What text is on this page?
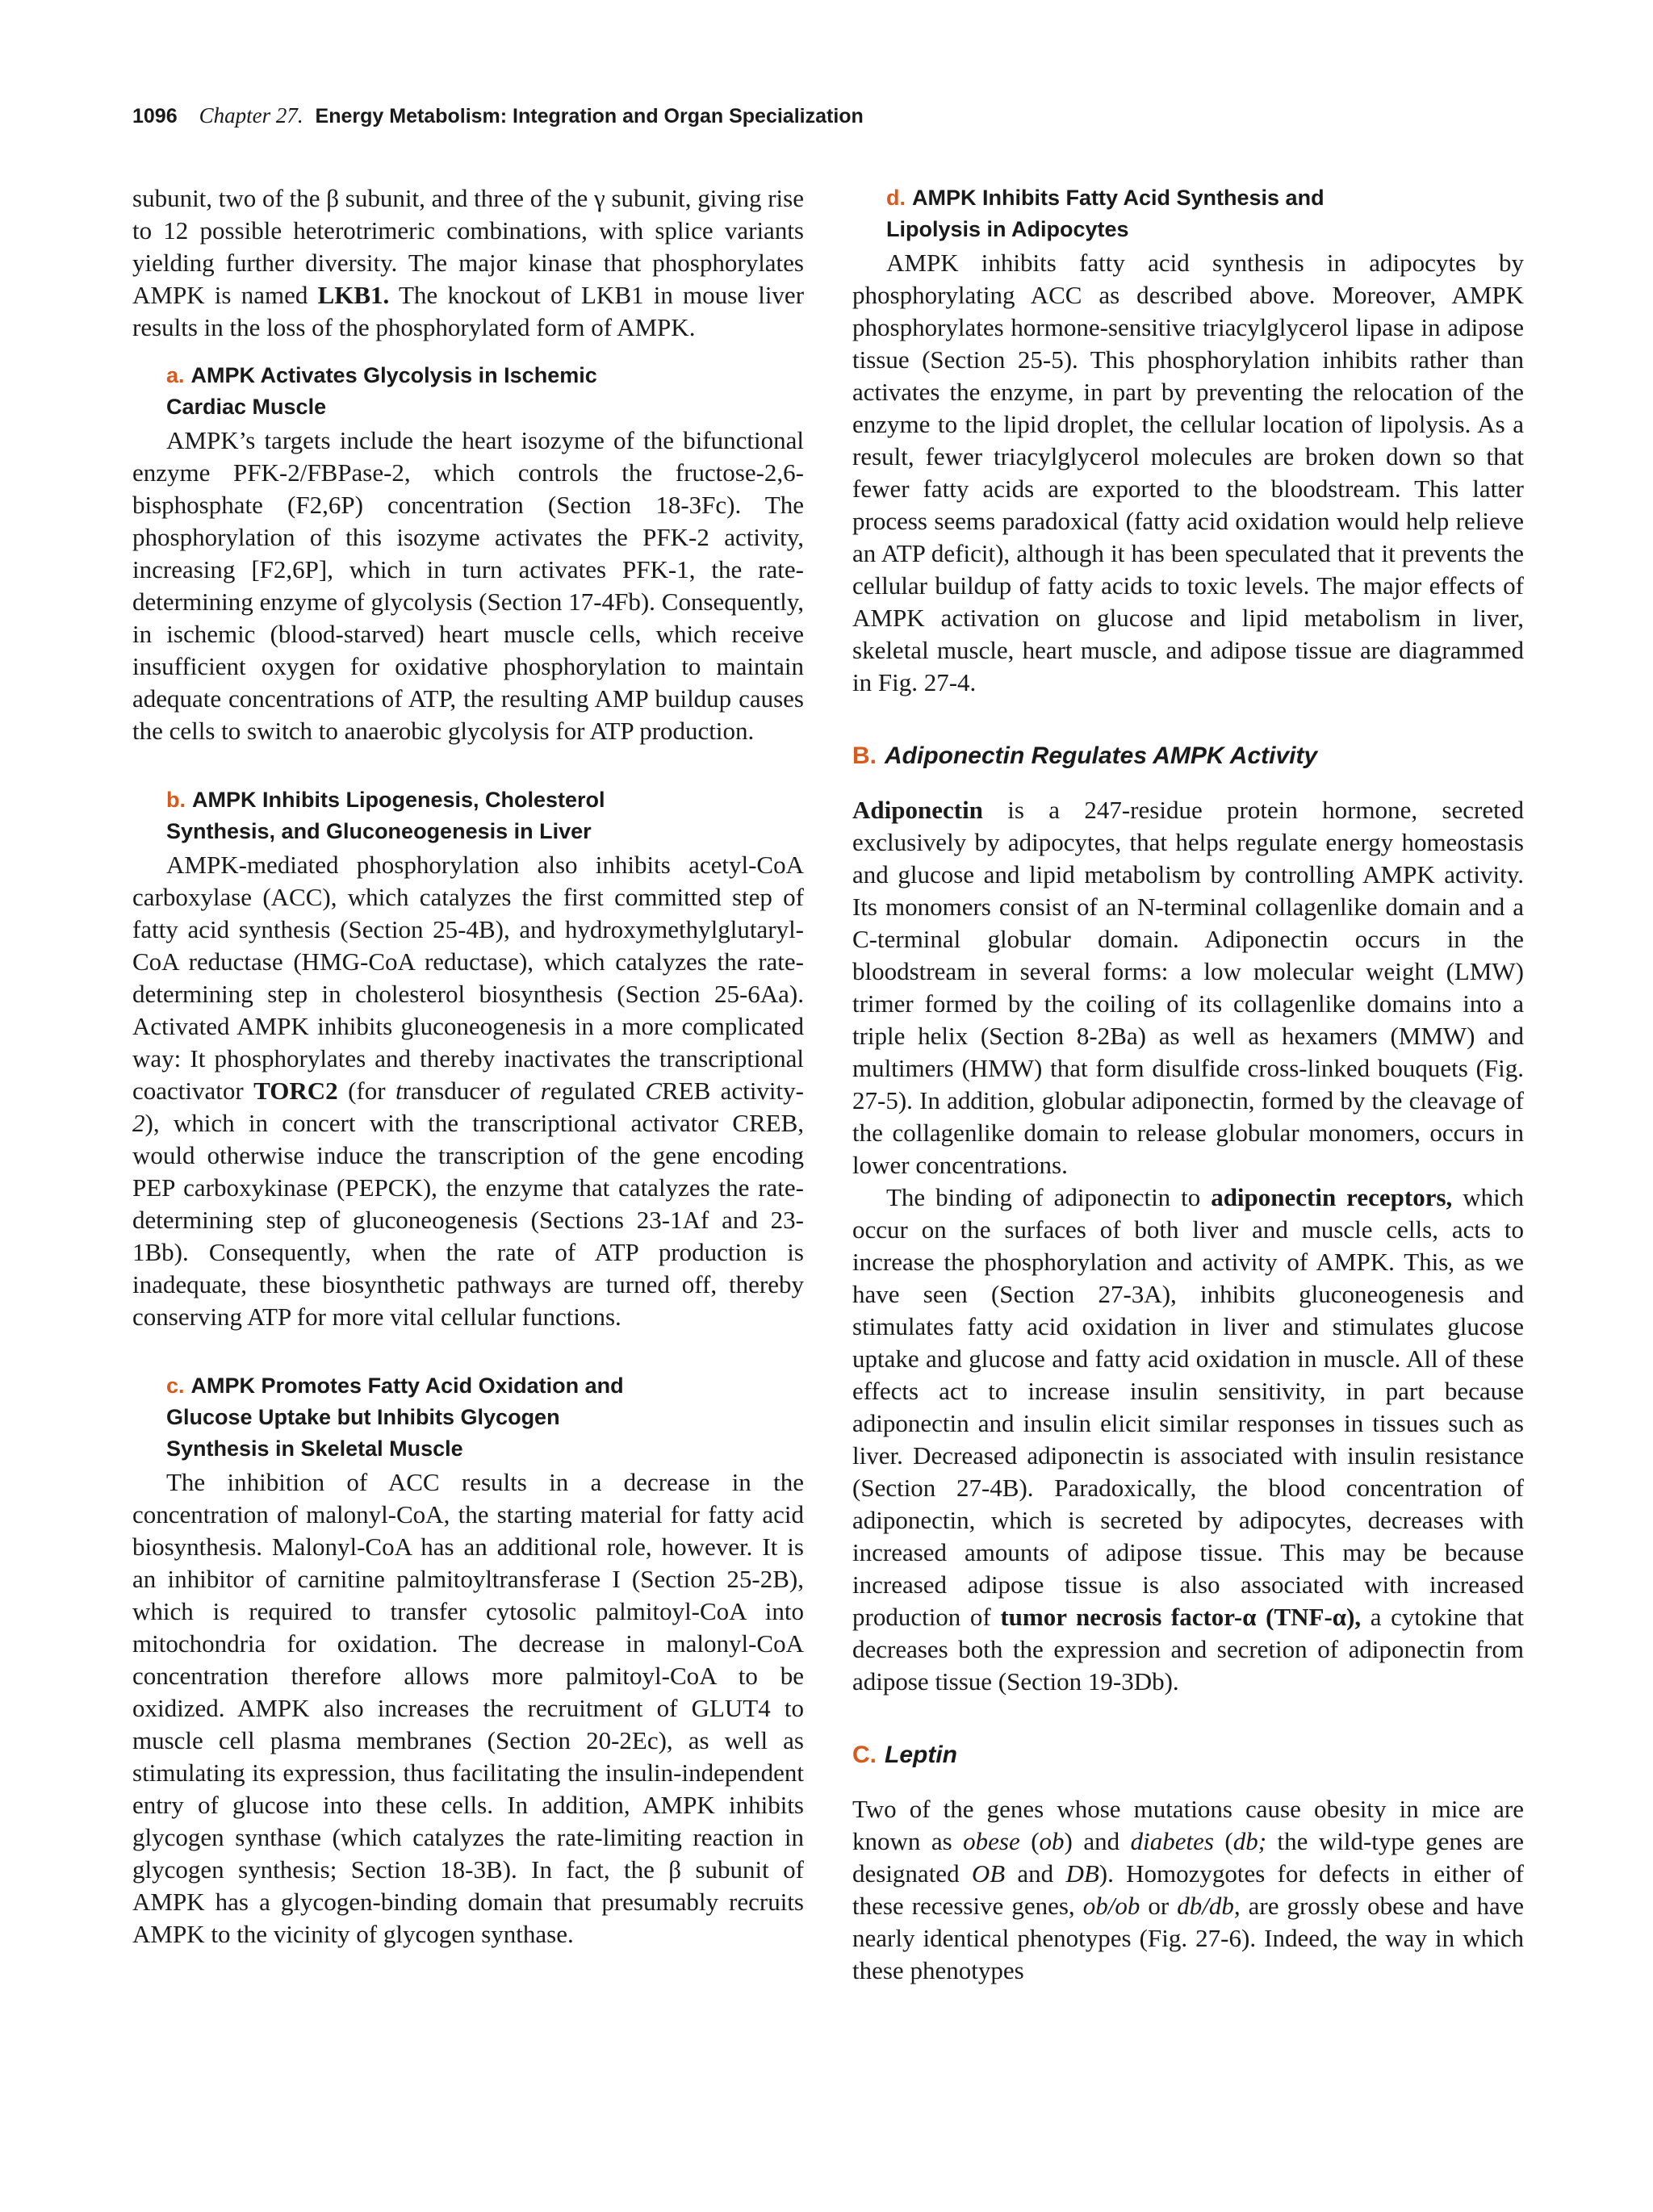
1096 Chapter 27. Energy Metabolism: Integration and Organ Specialization

subunit, two of the β subunit, and three of the γ subunit, giving rise to 12 possible heterotrimeric combinations, with splice variants yielding further diversity. The major kinase that phosphorylates AMPK is named LKB1. The knockout of LKB1 in mouse liver results in the loss of the phosphorylated form of AMPK.

a. AMPK Activates Glycolysis in Ischemic
Cardiac Muscle

AMPK’s targets include the heart isozyme of the bifunctional enzyme PFK-2/FBPase-2, which controls the fructose-2,6-bisphosphate (F2,6P) concentration (Section 18-3Fc). The phosphorylation of this isozyme activates the PFK-2 activity, increasing [F2,6P], which in turn activates PFK-1, the rate-determining enzyme of glycolysis (Section 17-4Fb). Consequently, in ischemic (blood-starved) heart muscle cells, which receive insufficient oxygen for oxidative phosphorylation to maintain adequate concentrations of ATP, the resulting AMP buildup causes the cells to switch to anaerobic glycolysis for ATP production.

b. AMPK Inhibits Lipogenesis, Cholesterol
Synthesis, and Gluconeogenesis in Liver

AMPK-mediated phosphorylation also inhibits acetyl-CoA carboxylase (ACC), which catalyzes the first committed step of fatty acid synthesis (Section 25-4B), and hydroxymethylglutaryl-CoA reductase (HMG-CoA reductase), which catalyzes the rate-determining step in cholesterol biosynthesis (Section 25-6Aa). Activated AMPK inhibits gluconeogenesis in a more complicated way: It phosphorylates and thereby inactivates the transcriptional coactivator TORC2 (for transducer of regulated CREB activity-2), which in concert with the transcriptional activator CREB, would otherwise induce the transcription of the gene encoding PEP carboxykinase (PEPCK), the enzyme that catalyzes the rate-determining step of gluconeogenesis (Sections 23-1Af and 23-1Bb). Consequently, when the rate of ATP production is inadequate, these biosynthetic pathways are turned off, thereby conserving ATP for more vital cellular functions.

c. AMPK Promotes Fatty Acid Oxidation and
Glucose Uptake but Inhibits Glycogen
Synthesis in Skeletal Muscle

The inhibition of ACC results in a decrease in the concentration of malonyl-CoA, the starting material for fatty acid biosynthesis. Malonyl-CoA has an additional role, however. It is an inhibitor of carnitine palmitoyltransferase I (Section 25-2B), which is required to transfer cytosolic palmitoyl-CoA into mitochondria for oxidation. The decrease in malonyl-CoA concentration therefore allows more palmitoyl-CoA to be oxidized. AMPK also increases the recruitment of GLUT4 to muscle cell plasma membranes (Section 20-2Ec), as well as stimulating its expression, thus facilitating the insulin-independent entry of glucose into these cells. In addition, AMPK inhibits glycogen synthase (which catalyzes the rate-limiting reaction in glycogen synthesis; Section 18-3B). In fact, the β subunit of AMPK has a glycogen-binding domain that presumably recruits AMPK to the vicinity of glycogen synthase.

d. AMPK Inhibits Fatty Acid Synthesis and
Lipolysis in Adipocytes

AMPK inhibits fatty acid synthesis in adipocytes by phosphorylating ACC as described above. Moreover, AMPK phosphorylates hormone-sensitive triacylglycerol lipase in adipose tissue (Section 25-5). This phosphorylation inhibits rather than activates the enzyme, in part by preventing the relocation of the enzyme to the lipid droplet, the cellular location of lipolysis. As a result, fewer triacylglycerol molecules are broken down so that fewer fatty acids are exported to the bloodstream. This latter process seems paradoxical (fatty acid oxidation would help relieve an ATP deficit), although it has been speculated that it prevents the cellular buildup of fatty acids to toxic levels. The major effects of AMPK activation on glucose and lipid metabolism in liver, skeletal muscle, heart muscle, and adipose tissue are diagrammed in Fig. 27-4.

B. Adiponectin Regulates AMPK Activity

Adiponectin is a 247-residue protein hormone, secreted exclusively by adipocytes, that helps regulate energy homeostasis and glucose and lipid metabolism by controlling AMPK activity. Its monomers consist of an N-terminal collagenlike domain and a C-terminal globular domain. Adiponectin occurs in the bloodstream in several forms: a low molecular weight (LMW) trimer formed by the coiling of its collagenlike domains into a triple helix (Section 8-2Ba) as well as hexamers (MMW) and multimers (HMW) that form disulfide cross-linked bouquets (Fig. 27-5). In addition, globular adiponectin, formed by the cleavage of the collagenlike domain to release globular monomers, occurs in lower concentrations.

The binding of adiponectin to adiponectin receptors, which occur on the surfaces of both liver and muscle cells, acts to increase the phosphorylation and activity of AMPK. This, as we have seen (Section 27-3A), inhibits gluconeogenesis and stimulates fatty acid oxidation in liver and stimulates glucose uptake and glucose and fatty acid oxidation in muscle. All of these effects act to increase insulin sensitivity, in part because adiponectin and insulin elicit similar responses in tissues such as liver. Decreased adiponectin is associated with insulin resistance (Section 27-4B). Paradoxically, the blood concentration of adiponectin, which is secreted by adipocytes, decreases with increased amounts of adipose tissue. This may be because increased adipose tissue is also associated with increased production of tumor necrosis factor-α (TNF-α), a cytokine that decreases both the expression and secretion of adiponectin from adipose tissue (Section 19-3Db).

C. Leptin

Two of the genes whose mutations cause obesity in mice are known as obese (ob) and diabetes (db; the wild-type genes are designated OB and DB). Homozygotes for defects in either of these recessive genes, ob/ob or db/db, are grossly obese and have nearly identical phenotypes (Fig. 27-6). Indeed, the way in which these phenotypes
